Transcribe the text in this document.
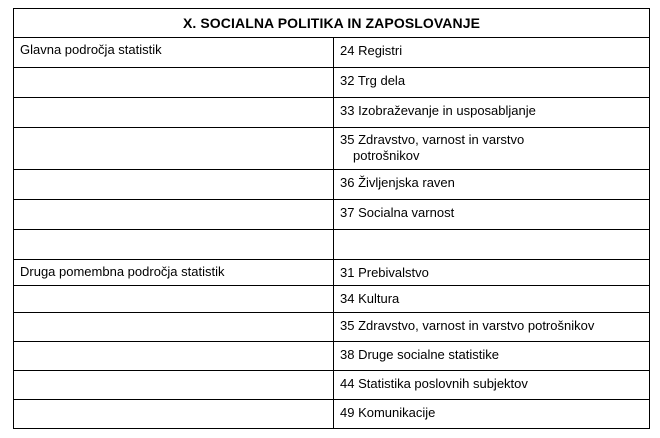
X. SOCIALNA POLITIKA IN ZAPOSLOVANJE
Glavna področja statistik	24 Registri
32 Trg dela
33 Izobraževanje in usposabljanje
35 Zdravstvo, varnost in varstvo
potrošnikov
36 Življenjska raven
37 Socialna varnost
Druga pomembna področja statistik	31 Prebivalstvo
34 Kultura
35 Zdravstvo, varnost in varstvo potrošnikov
38 Druge socialne statistike
44 Statistika poslovnih subjektov
49 Komunikacije
